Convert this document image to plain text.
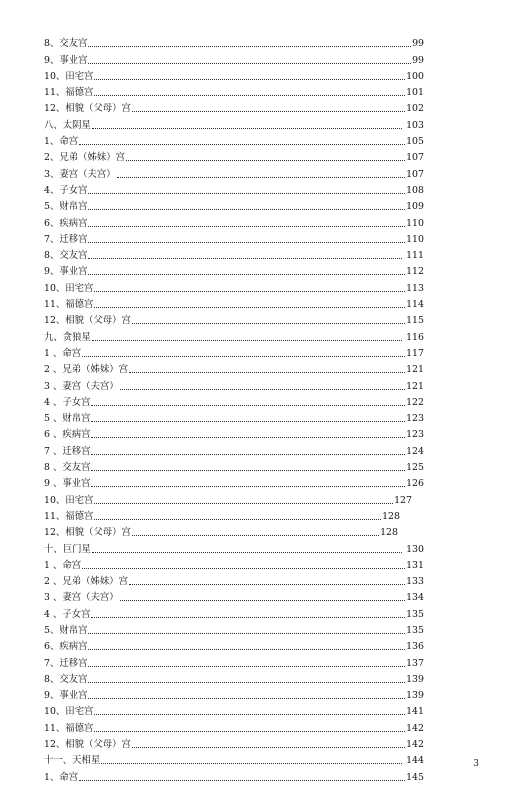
8、交友宫	99
9、事业宫	99
10、田宅宫	100
11、福德宫	101
12、相貌（父母）宫	102
八、太阴星	103
1、命宫	105
2、兄弟（姊妹）宫	107
3、妻宫（夫宫）	107
4、子女宫	108
5、财帛宫	109
6、疾病宫	110
7、迁移宫	110
8、交友宫	111
9、事业宫	112
10、田宅宫	113
11、福德宫	114
12、相貌（父母）宫	115
九、贪狼星	116
1 、命宫	117
2 、兄弟（姊妹）宫	121
3 、妻宫（夫宫）	121
4 、子女宫	122
5 、财帛宫	123
6 、疾病宫	123
7 、迁移宫	124
8 、交友宫	125
9 、事业宫	126
10、田宅宫	127
11、福德宫	128
12、相貌（父母）宫	128
十、巨门星	130
1 、命宫	131
2 、兄弟（姊妹）宫	133
3 、妻宫（夫宫）	134
4 、子女宫	135
5、财帛宫	135
6、疾病宫	136
7、迁移宫	137
8、交友宫	139
9、事业宫	139
10、田宅宫	141
11、福德宫	142
12、相貌（父母）宫	142
十一、天相星	144
1、命宫	145
3
